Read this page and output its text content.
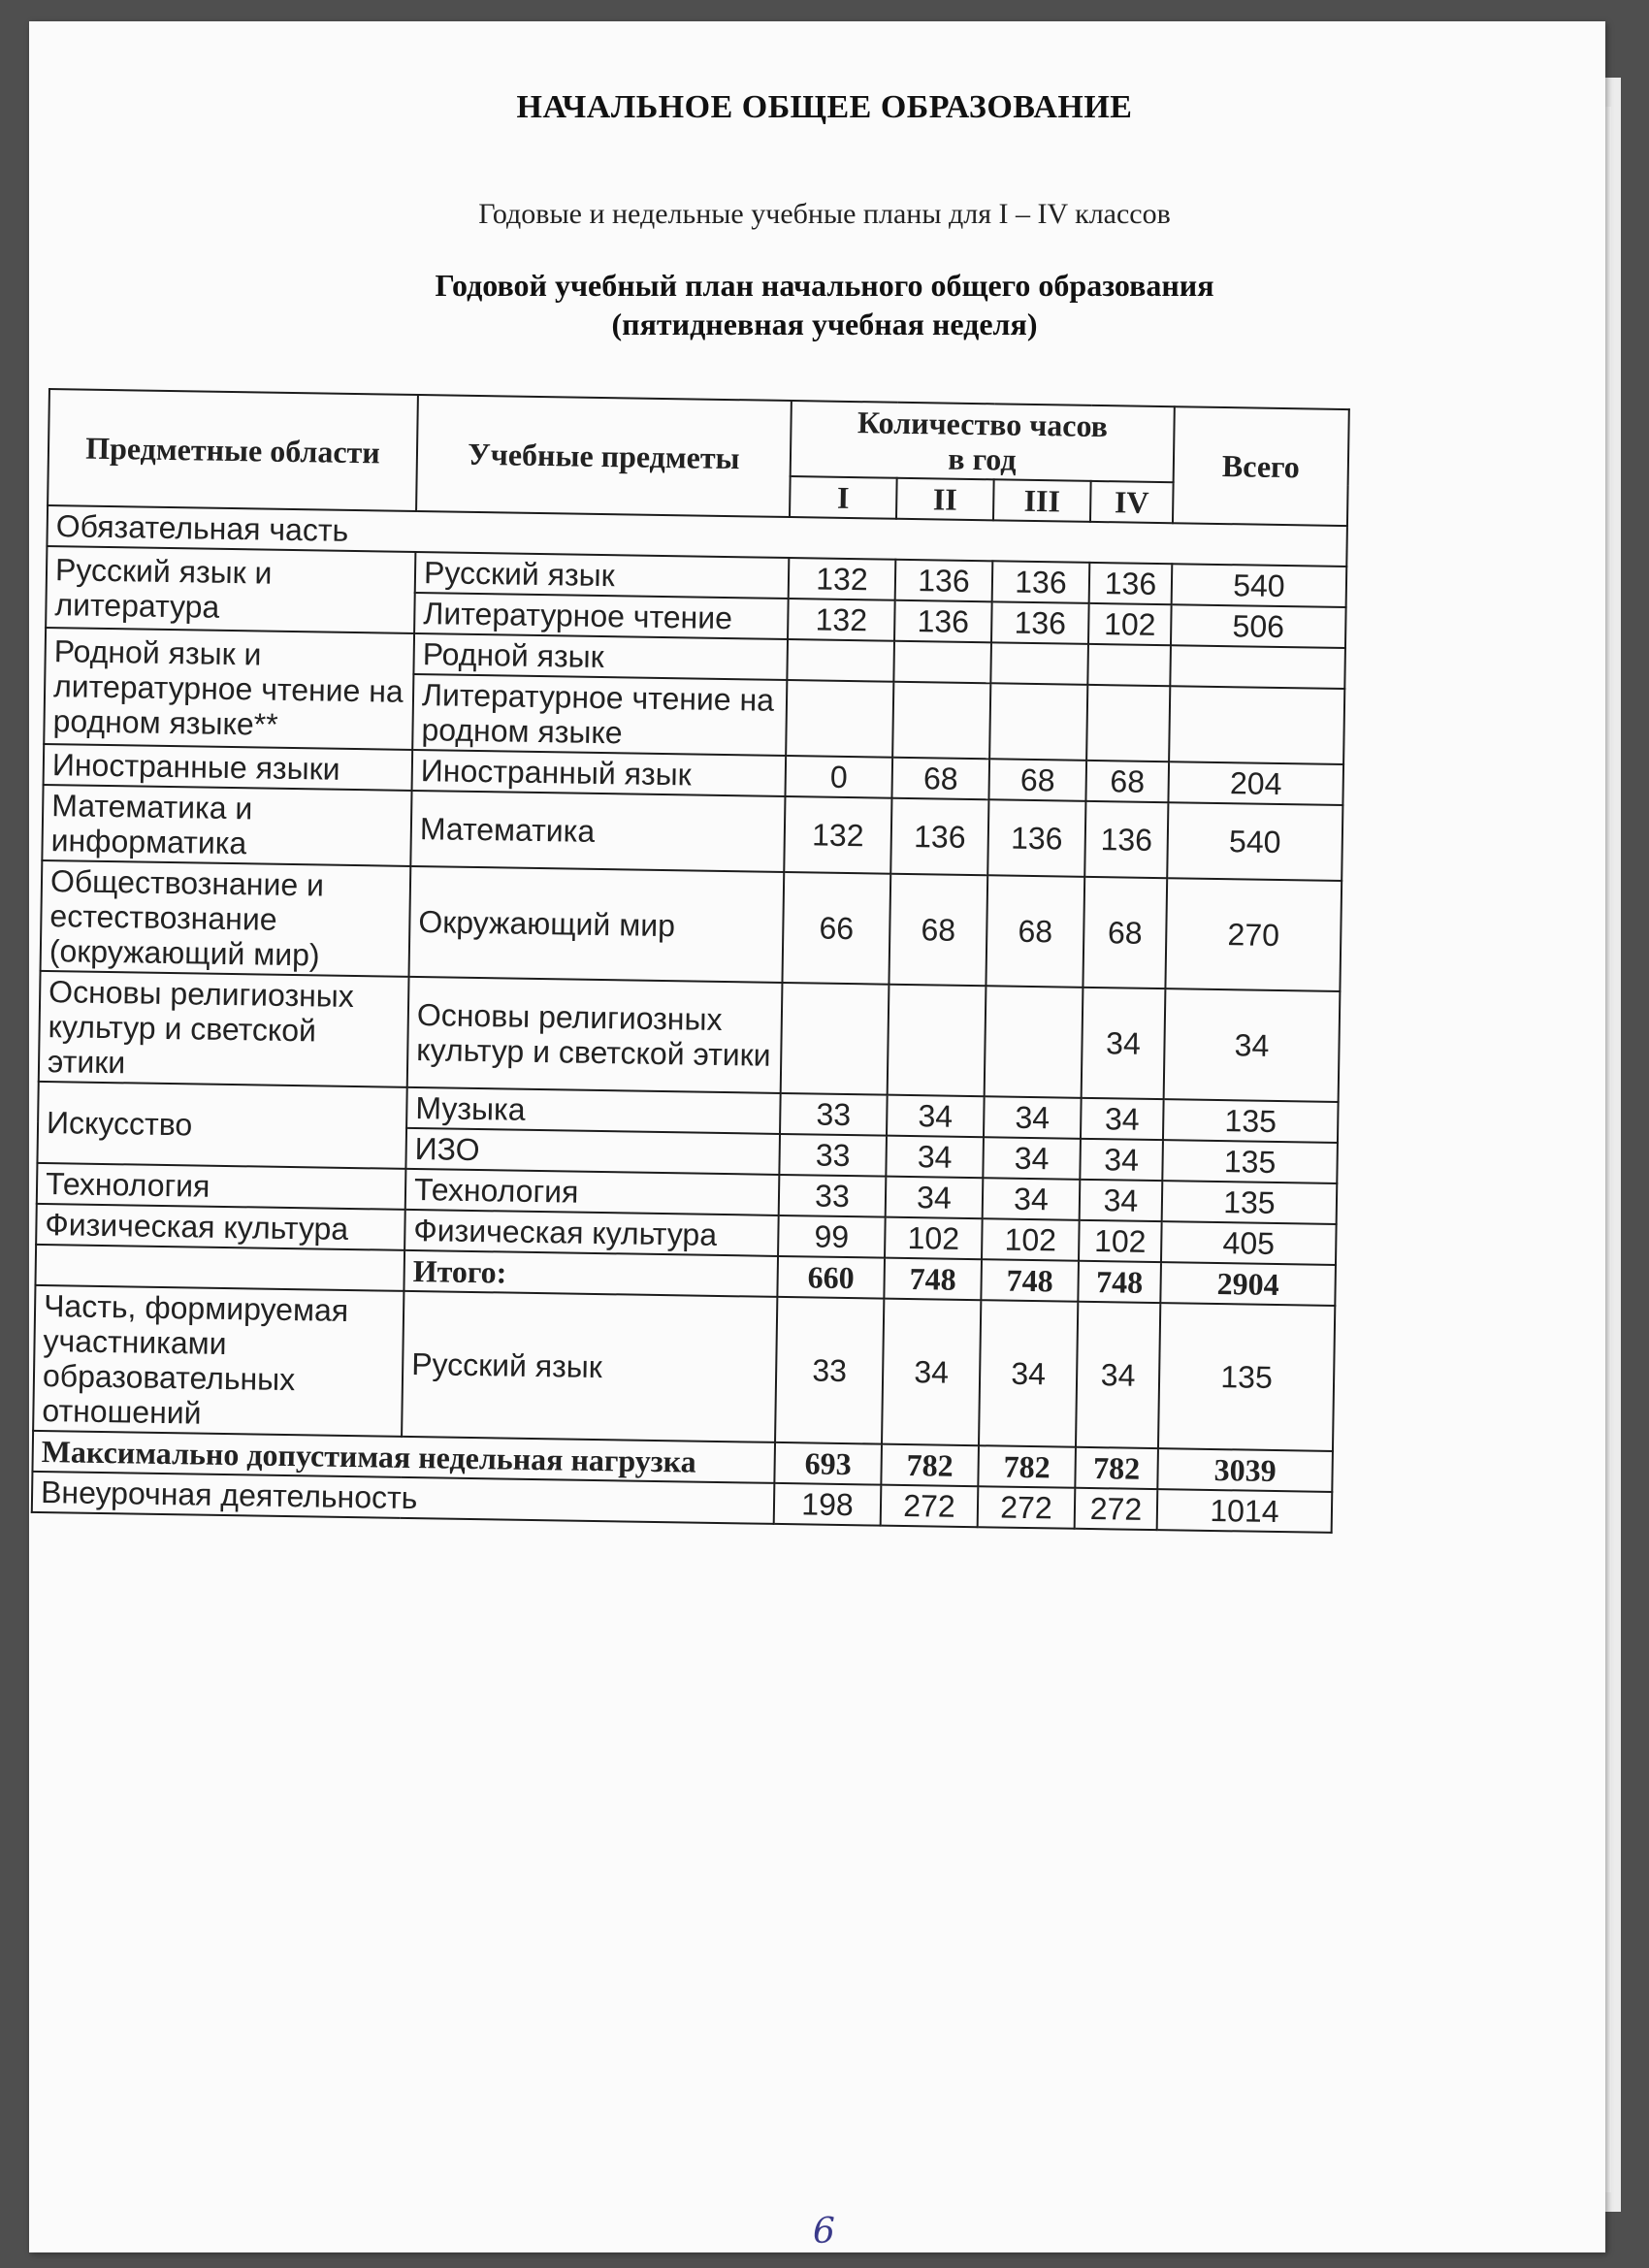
НАЧАЛЬНОЕ ОБЩЕЕ ОБРАЗОВАНИЕ
Годовые и недельные учебные планы для I – IV классов
Годовой учебный план начального общего образования
(пятидневная учебная неделя)
Предметные области	Учебные предметы	Количество часов
в год				Всего
		I	II	III	IV	
Обязательная часть						
Русский язык и литература	Русский язык	132	136	136	136	540
	Литературное чтение	132	136	136	102	506
Родной язык и литературное чтение на родном языке**	Родной язык					
	Литературное чтение на родном языке					
Иностранные языки	Иностранный язык	0	68	68	68	204
Математика и информатика	Математика	132	136	136	136	540
Обществознание и естествознание (окружающий мир)	Окружающий мир	66	68	68	68	270
Основы религиозных культур и светской этики	Основы религиозных культур и светской этики				34	34
Искусство	Музыка	33	34	34	34	135
	ИЗО	33	34	34	34	135
Технология	Технология	33	34	34	34	135
Физическая культура	Физическая культура	99	102	102	102	405
	Итого:	660	748	748	748	2904
Часть, формируемая участниками образовательных отношений	Русский язык	33	34	34	34	135
Максимально допустимая недельная нагрузка		693	782	782	782	3039
Внеурочная деятельность		198	272	272	272	1014
6
